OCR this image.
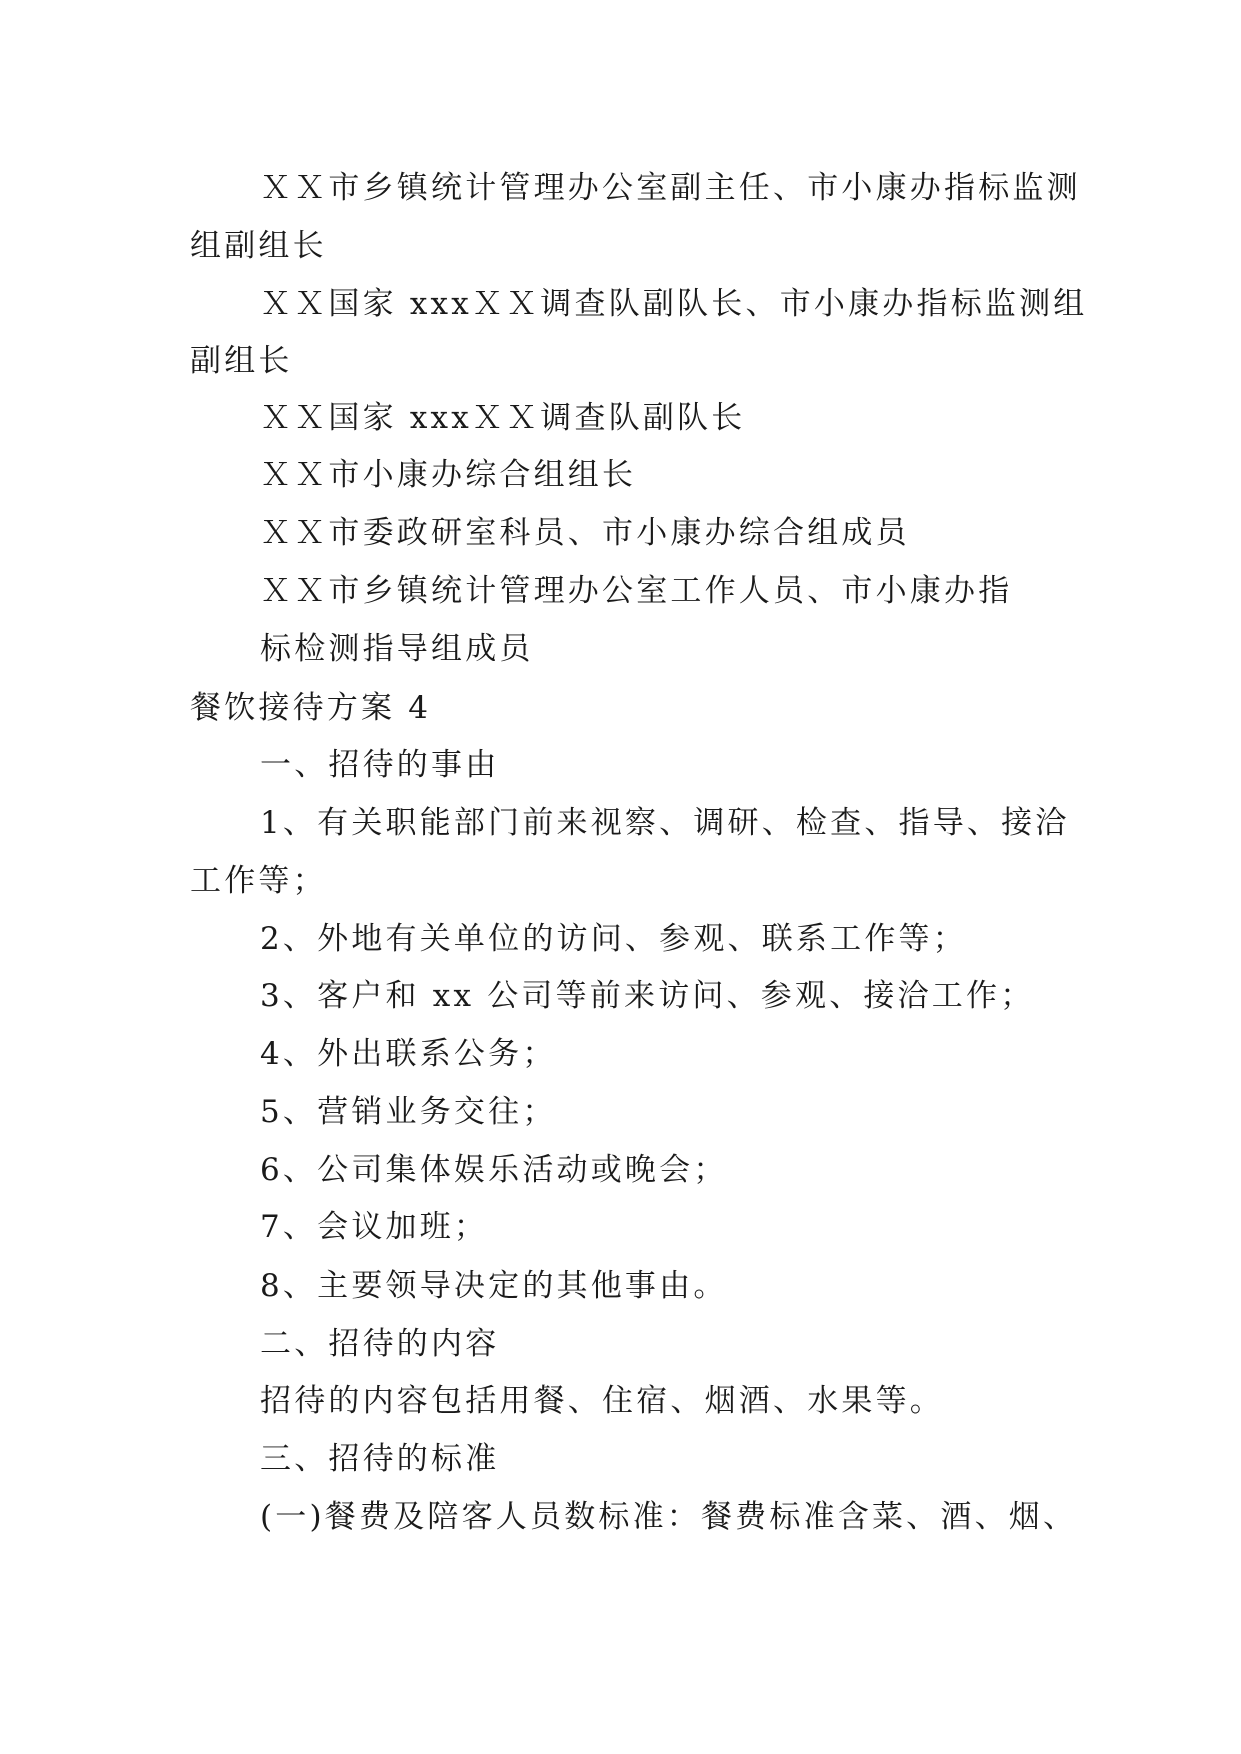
ＸＸ市乡镇统计管理办公室副主任、市小康办指标监测
组副组长
ＸＸ国家 xxxＸＸ调查队副队长、市小康办指标监测组
副组长
ＸＸ国家 xxxＸＸ调查队副队长
ＸＸ市小康办综合组组长
ＸＸ市委政研室科员、市小康办综合组成员
ＸＸ市乡镇统计管理办公室工作人员、市小康办指
标检测指导组成员
餐饮接待方案 4
一、招待的事由
1、有关职能部门前来视察、调研、检查、指导、接洽
工作等；
2、外地有关单位的访问、参观、联系工作等；
3、客户和 xx 公司等前来访问、参观、接洽工作；
4、外出联系公务；
5、营销业务交往；
6、公司集体娱乐活动或晚会；
7、会议加班；
8、主要领导决定的其他事由。
二、招待的内容
招待的内容包括用餐、住宿、烟酒、水果等。
三、招待的标准
(一)餐费及陪客人员数标准：餐费标准含菜、酒、烟、
